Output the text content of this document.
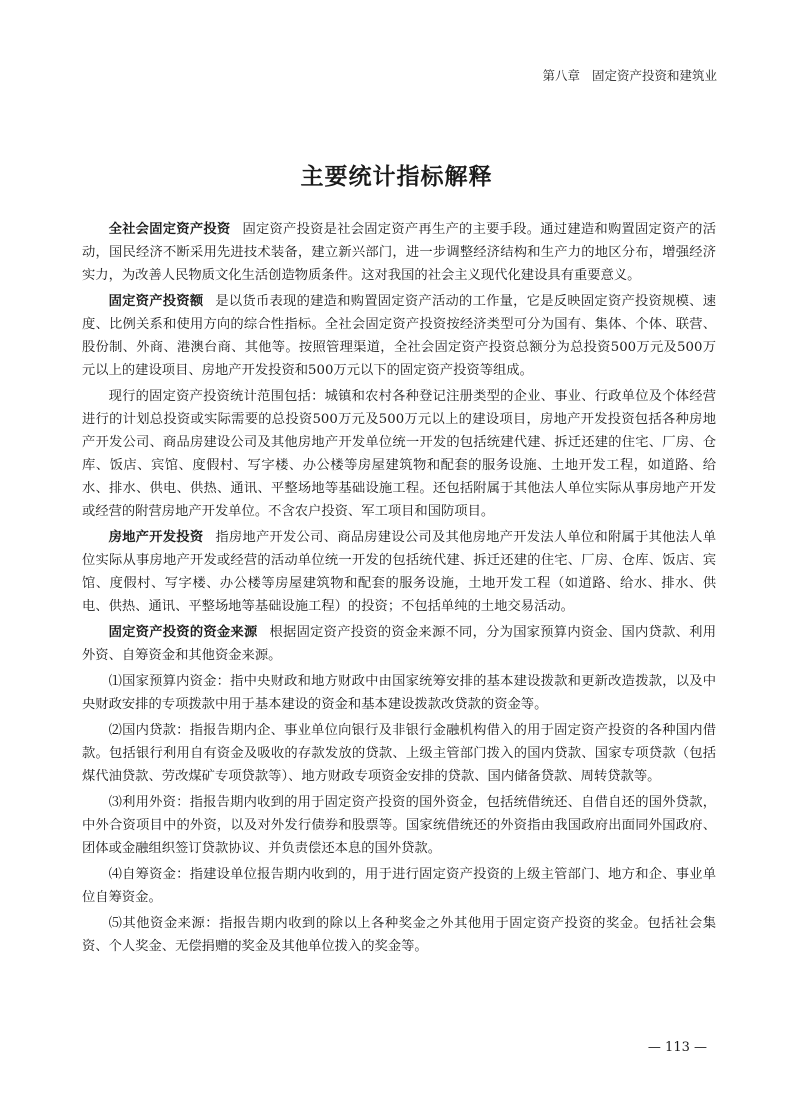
第八章 固定资产投资和建筑业
主要统计指标解释

全社会固定资产投资 固定资产投资是社会固定资产再生产的主要手段。通过建造和购置固定资产的活动，国民经济不断采用先进技术装备，建立新兴部门，进一步调整经济结构和生产力的地区分布，增强经济实力，为改善人民物质文化生活创造物质条件。这对我国的社会主义现代化建设具有重要意义。

固定资产投资额 是以货币表现的建造和购置固定资产活动的工作量，它是反映固定资产投资规模、速度、比例关系和使用方向的综合性指标。全社会固定资产投资按经济类型可分为国有、集体、个体、联营、股份制、外商、港澳台商、其他等。按照管理渠道，全社会固定资产投资总额分为总投资500万元及500万元以上的建设项目、房地产开发投资和500万元以下的固定资产投资等组成。

现行的固定资产投资统计范围包括：城镇和农村各种登记注册类型的企业、事业、行政单位及个体经营进行的计划总投资或实际需要的总投资500万元及500万元以上的建设项目，房地产开发投资包括各种房地产开发公司、商品房建设公司及其他房地产开发单位统一开发的包括统建代建、拆迁还建的住宅、厂房、仓库、饭店、宾馆、度假村、写字楼、办公楼等房屋建筑物和配套的服务设施、土地开发工程，如道路、给水、排水、供电、供热、通讯、平整场地等基础设施工程。还包括附属于其他法人单位实际从事房地产开发或经营的附营房地产开发单位。不含农户投资、军工项目和国防项目。

房地产开发投资 指房地产开发公司、商品房建设公司及其他房地产开发法人单位和附属于其他法人单位实际从事房地产开发或经营的活动单位统一开发的包括统代建、拆迁还建的住宅、厂房、仓库、饭店、宾馆、度假村、写字楼、办公楼等房屋建筑物和配套的服务设施，土地开发工程（如道路、给水、排水、供电、供热、通讯、平整场地等基础设施工程）的投资；不包括单纯的土地交易活动。

固定资产投资的资金来源 根据固定资产投资的资金来源不同，分为国家预算内资金、国内贷款、利用外资、自筹资金和其他资金来源。

⑴国家预算内资金：指中央财政和地方财政中由国家统筹安排的基本建设拨款和更新改造拨款，以及中央财政安排的专项拨款中用于基本建设的资金和基本建设拨款改贷款的资金等。

⑵国内贷款：指报告期内企、事业单位向银行及非银行金融机构借入的用于固定资产投资的各种国内借款。包括银行利用自有资金及吸收的存款发放的贷款、上级主管部门拨入的国内贷款、国家专项贷款（包括煤代油贷款、劳改煤矿专项贷款等）、地方财政专项资金安排的贷款、国内储备贷款、周转贷款等。

⑶利用外资：指报告期内收到的用于固定资产投资的国外资金，包括统借统还、自借自还的国外贷款，中外合资项目中的外资，以及对外发行债券和股票等。国家统借统还的外资指由我国政府出面同外国政府、团体或金融组织签订贷款协议、并负责偿还本息的国外贷款。

⑷自筹资金：指建设单位报告期内收到的，用于进行固定资产投资的上级主管部门、地方和企、事业单位自筹资金。

⑸其他资金来源：指报告期内收到的除以上各种奖金之外其他用于固定资产投资的奖金。包括社会集资、个人奖金、无偿捐赠的奖金及其他单位拨入的奖金等。

— 113 —
